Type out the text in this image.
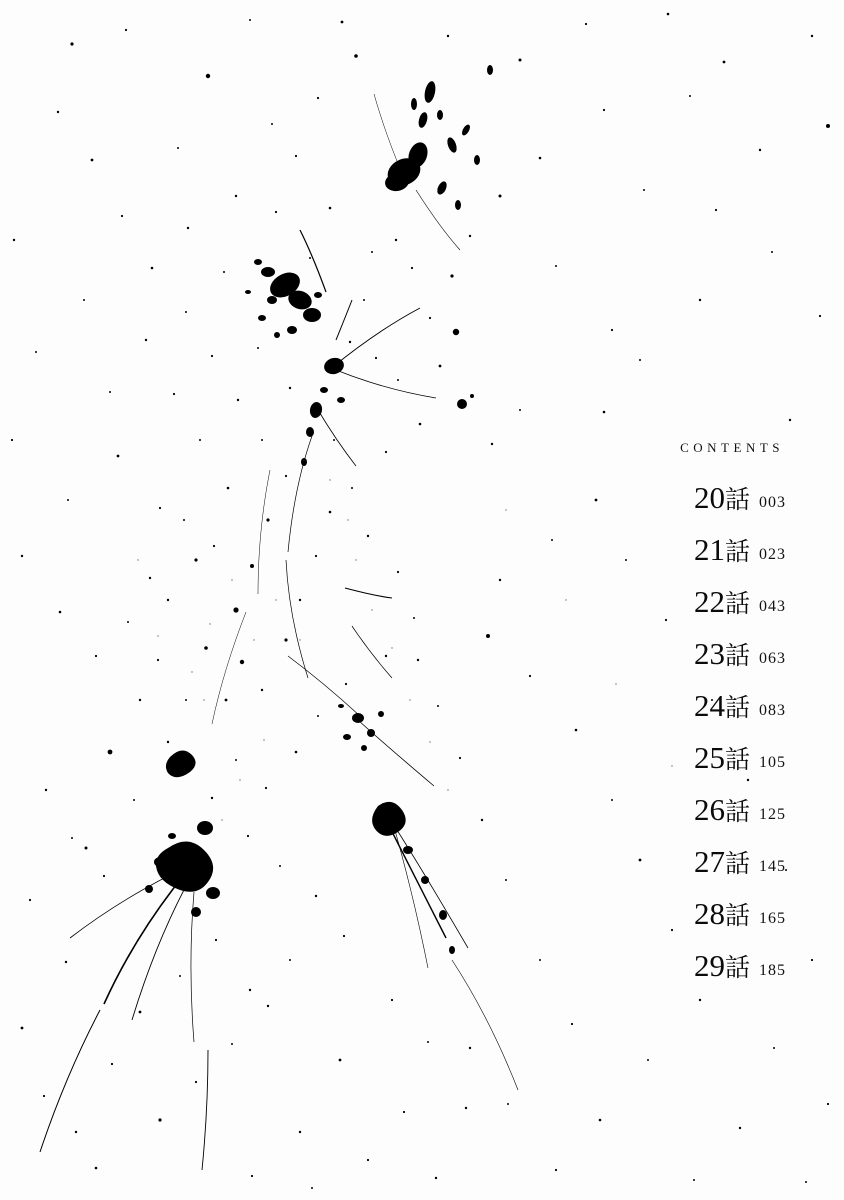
CONTENTS
20話 003
21話 023
22話 043
23話 063
24話 083
25話 105
26話 125
27話 145
28話 165
29話 185
